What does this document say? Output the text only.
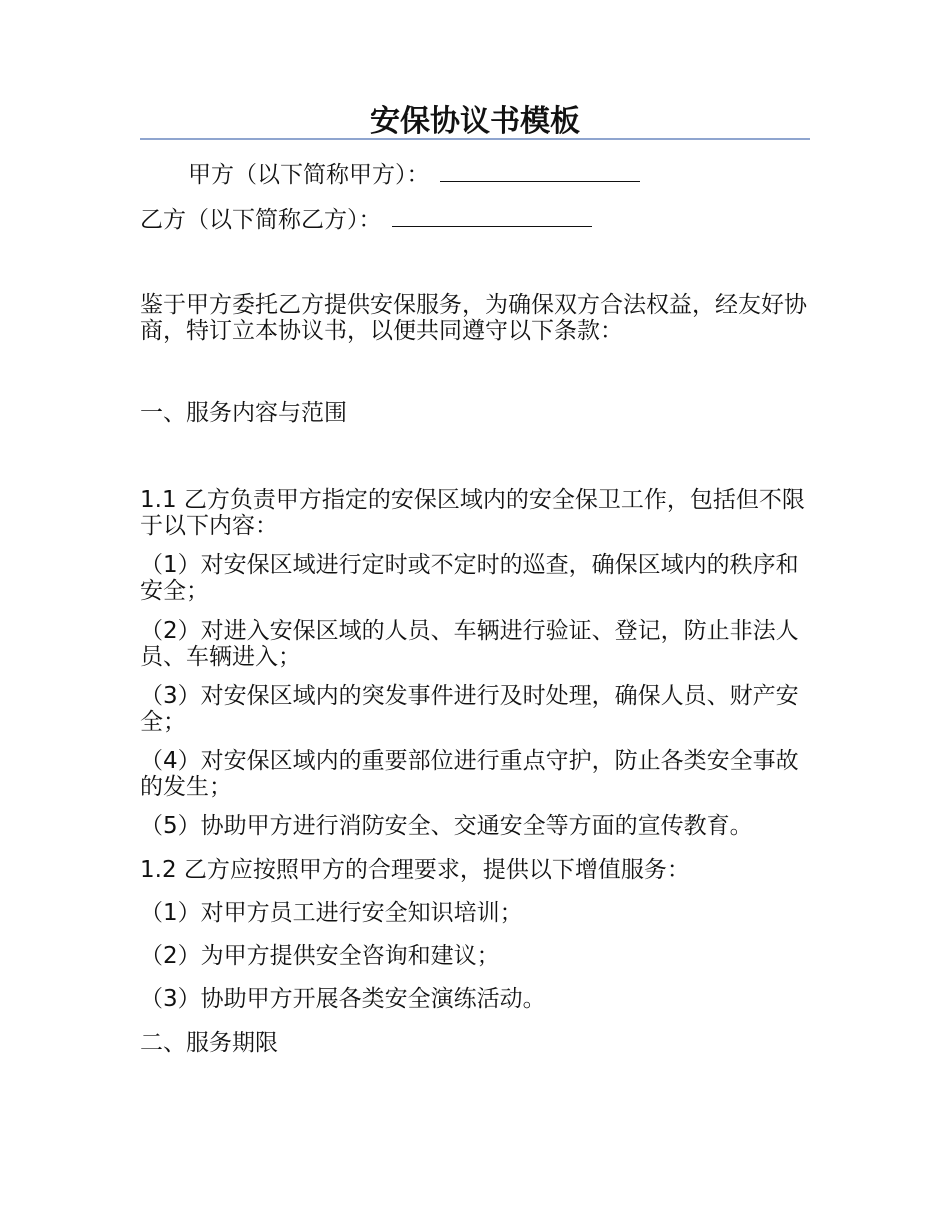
安保协议书模板
甲方（以下简称甲方）：
乙方（以下简称乙方）：
鉴于甲方委托乙方提供安保服务，为确保双方合法权益，经友好协商，特订立本协议书，以便共同遵守以下条款：
一、服务内容与范围
1.1 乙方负责甲方指定的安保区域内的安全保卫工作，包括但不限于以下内容：
（1）对安保区域进行定时或不定时的巡查，确保区域内的秩序和安全；
（2）对进入安保区域的人员、车辆进行验证、登记，防止非法人员、车辆进入；
（3）对安保区域内的突发事件进行及时处理，确保人员、财产安全；
（4）对安保区域内的重要部位进行重点守护，防止各类安全事故的发生；
（5）协助甲方进行消防安全、交通安全等方面的宣传教育。
1.2 乙方应按照甲方的合理要求，提供以下增值服务：
（1）对甲方员工进行安全知识培训；
（2）为甲方提供安全咨询和建议；
（3）协助甲方开展各类安全演练活动。
二、服务期限
